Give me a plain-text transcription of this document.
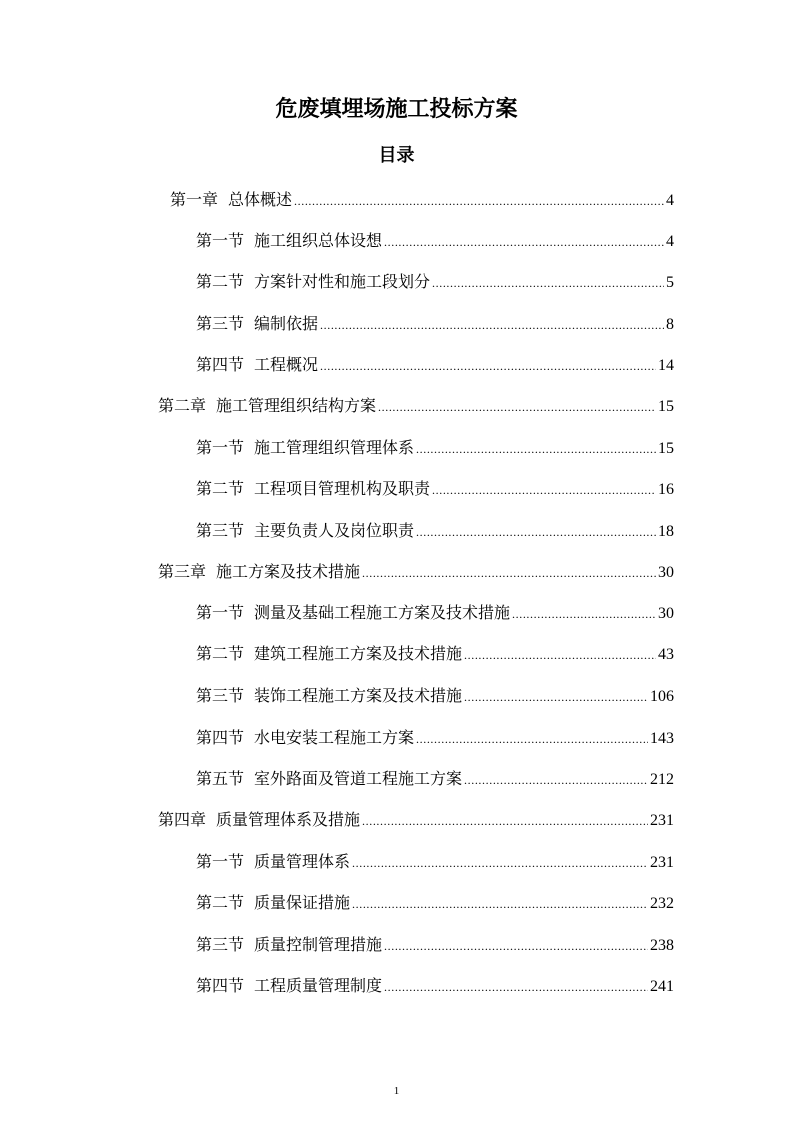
危废填埋场施工投标方案
目录
第一章 总体概述 .....	4
第一节 施工组织总体设想 .....	4
第二节 方案针对性和施工段划分 .....	5
第三节 编制依据 .....	8
第四节 工程概况 .....	14
第二章 施工管理组织结构方案 .....	15
第一节 施工管理组织管理体系 .....	15
第二节 工程项目管理机构及职责 .....	16
第三节 主要负责人及岗位职责 .....	18
第三章 施工方案及技术措施 .....	30
第一节 测量及基础工程施工方案及技术措施 .....	30
第二节 建筑工程施工方案及技术措施 .....	43
第三节 装饰工程施工方案及技术措施 .....	106
第四节 水电安装工程施工方案 .....	143
第五节 室外路面及管道工程施工方案 .....	212
第四章 质量管理体系及措施 .....	231
第一节 质量管理体系 .....	231
第二节 质量保证措施 .....	232
第三节 质量控制管理措施 .....	238
第四节 工程质量管理制度 .....	241
1
